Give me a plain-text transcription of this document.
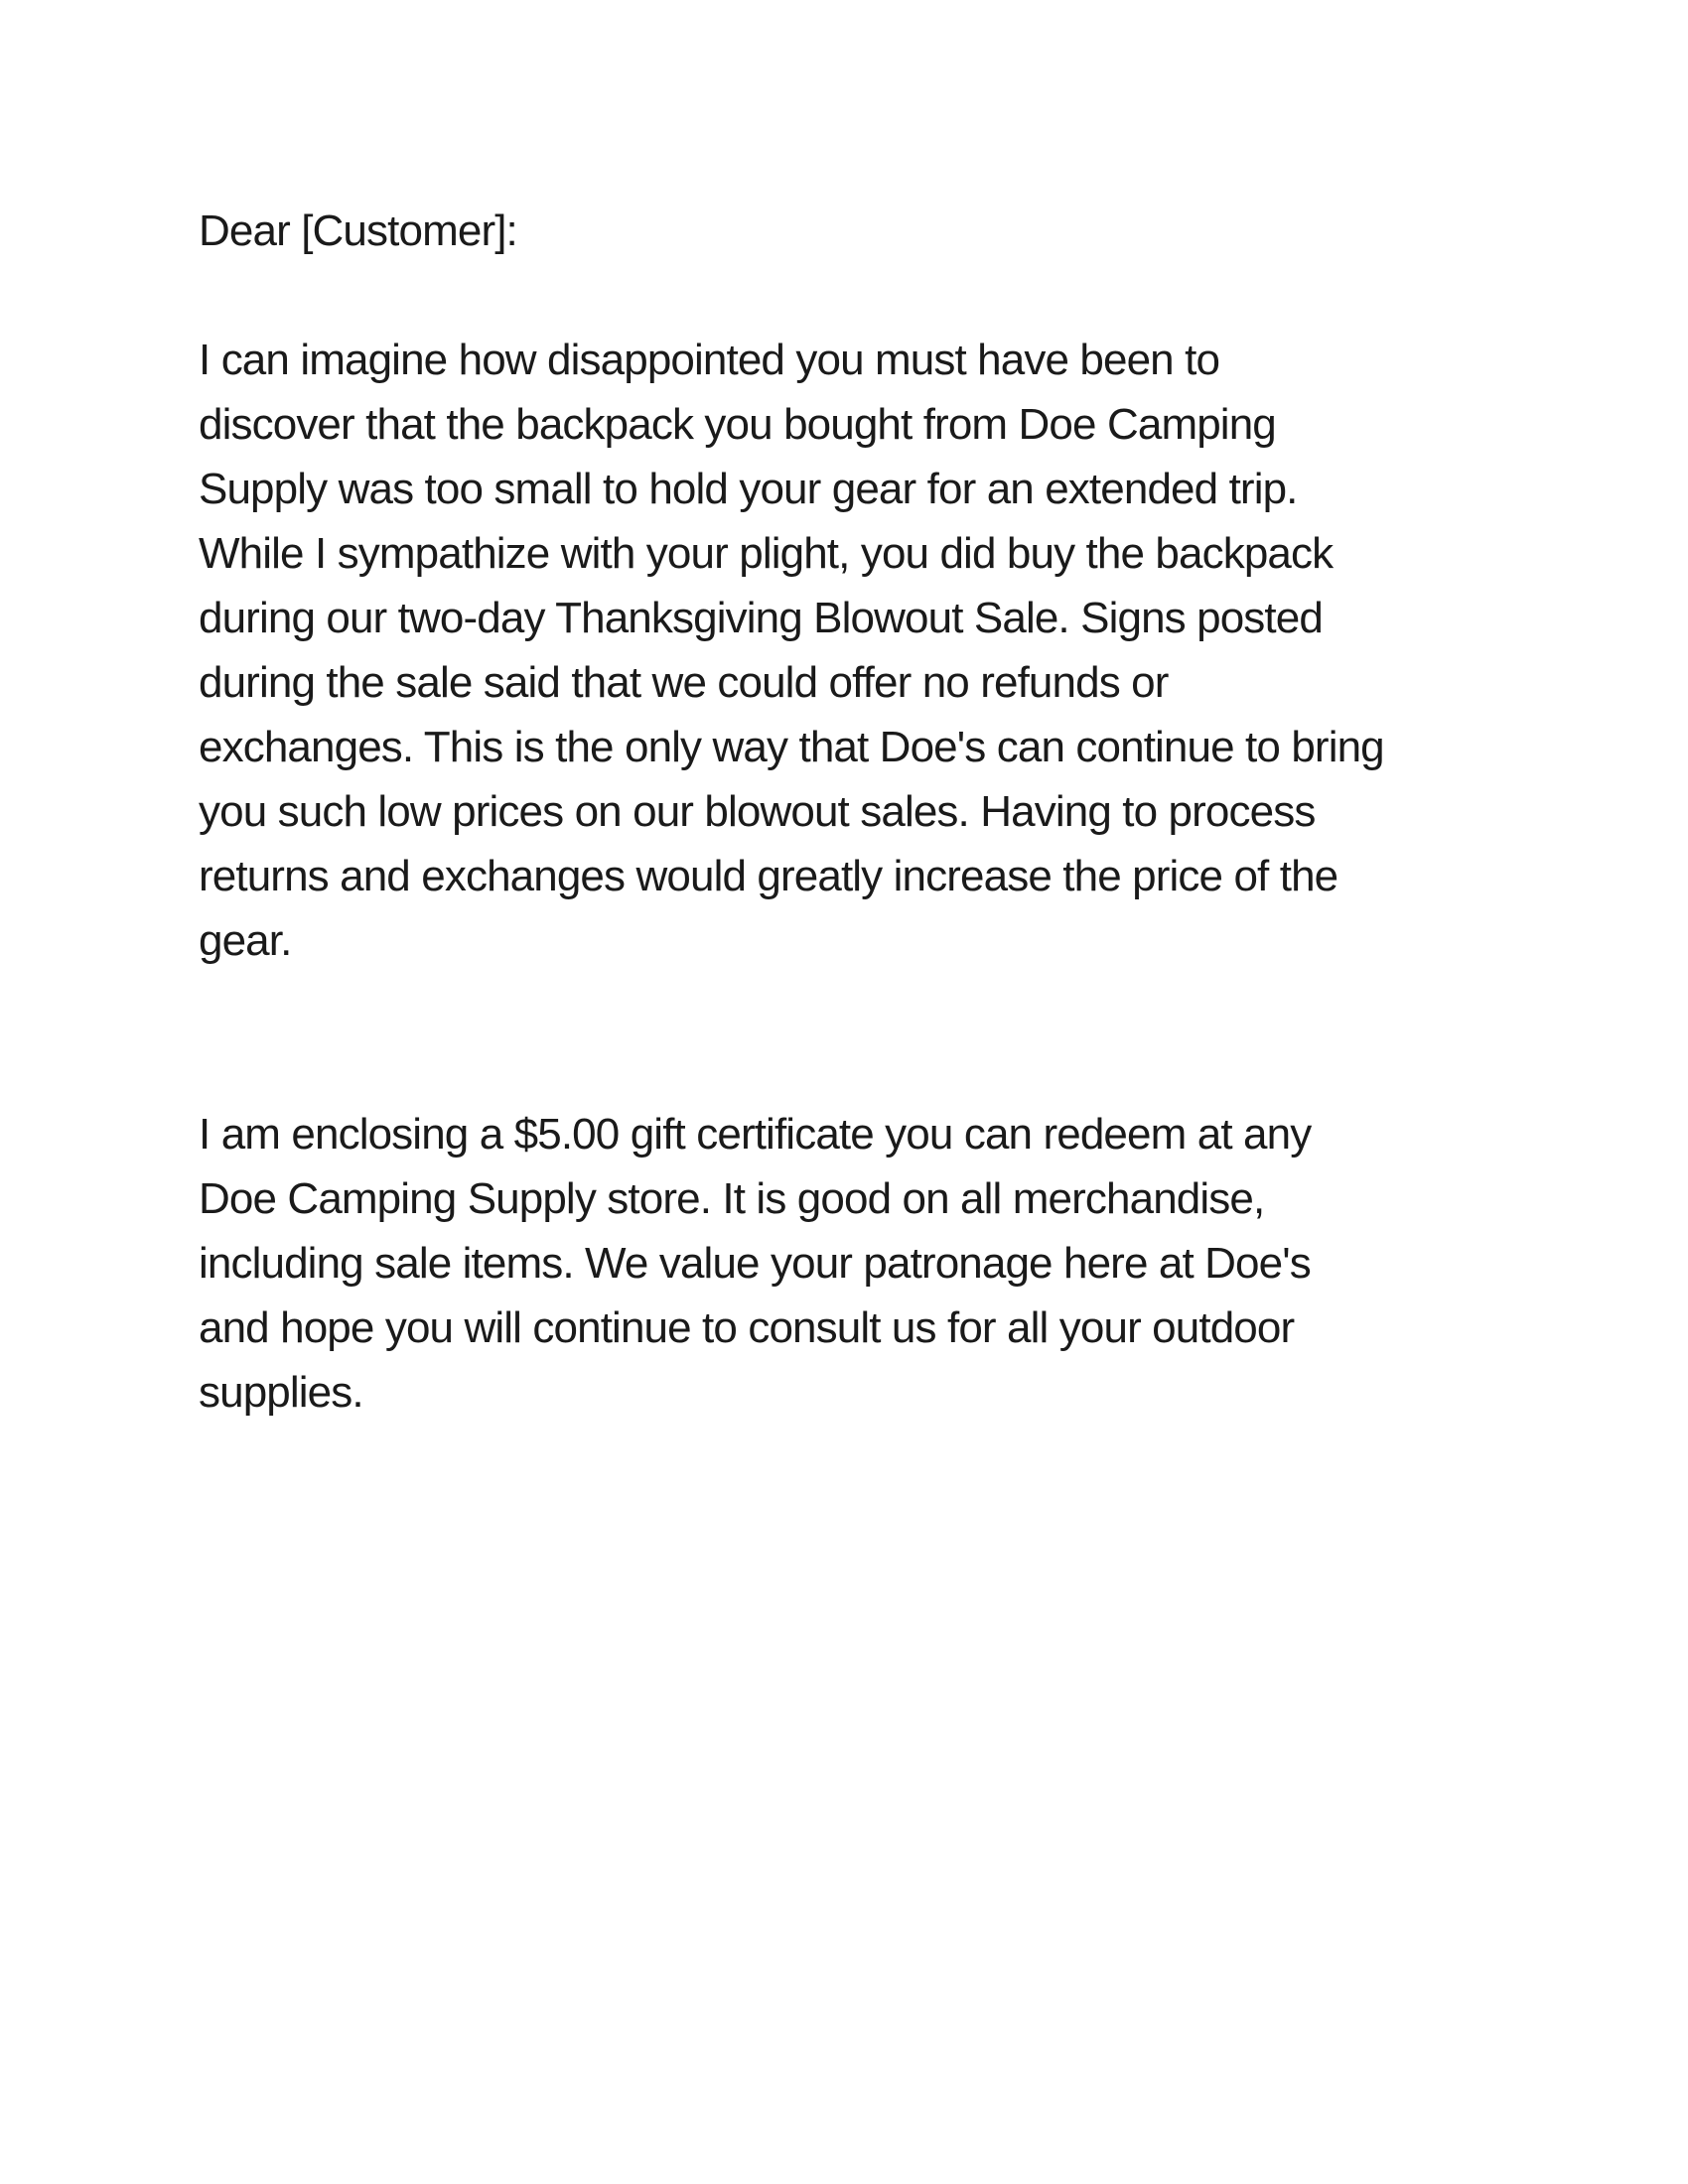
Dear [Customer]:
I can imagine how disappointed you must have been to
discover that the backpack you bought from Doe Camping
Supply was too small to hold your gear for an extended trip.
While I sympathize with your plight, you did buy the backpack
during our two-day Thanksgiving Blowout Sale. Signs posted
during the sale said that we could offer no refunds or
exchanges. This is the only way that Doe's can continue to bring
you such low prices on our blowout sales. Having to process
returns and exchanges would greatly increase the price of the
gear.
I am enclosing a $5.00 gift certificate you can redeem at any
Doe Camping Supply store. It is good on all merchandise,
including sale items. We value your patronage here at Doe's
and hope you will continue to consult us for all your outdoor
supplies.
